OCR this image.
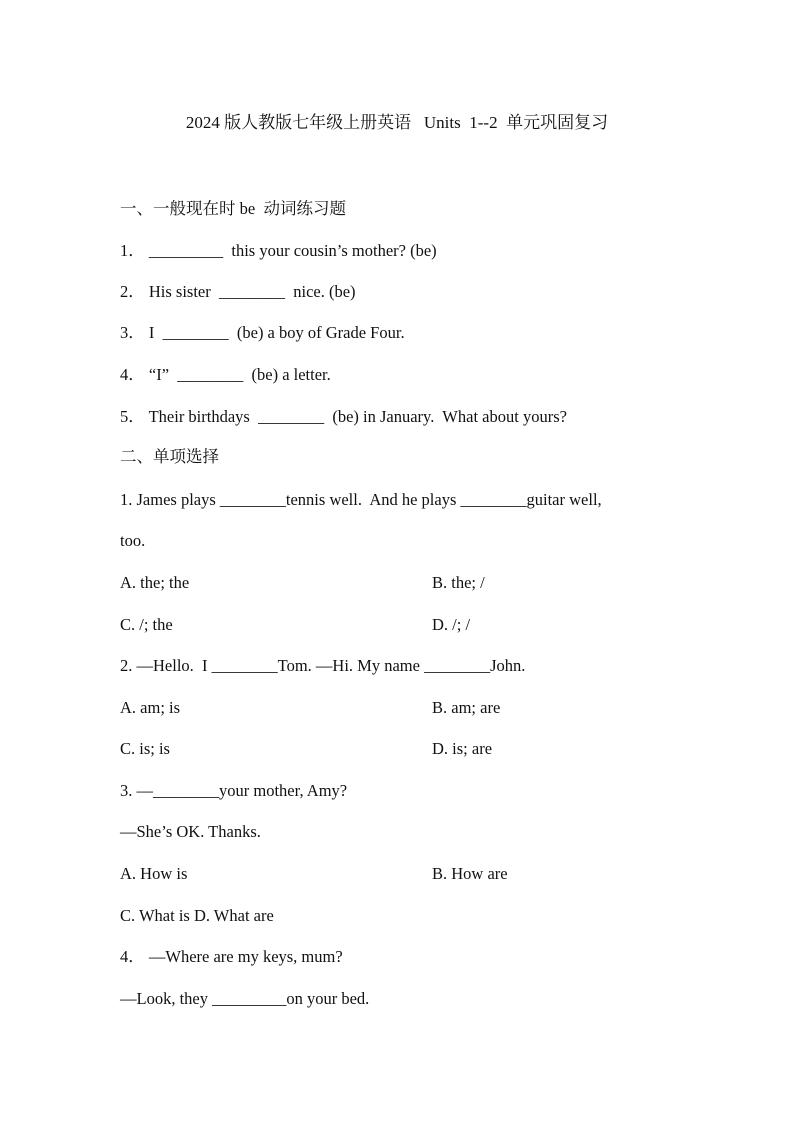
2024 版人教版七年级上册英语   Units  1--2  单元巩固复习
一、一般现在时 be  动词练习题
1． _________  this your cousin’s mother? (be)
2． His sister  ________  nice. (be)
3． I  ________  (be) a boy of Grade Four.
4． “I”  ________  (be) a letter.
5． Their birthdays  ________  (be) in January.  What about yours?
二、单项选择
1. James plays ________tennis well.  And he plays ________guitar well,
too.
A. the; the	B. the; /
C. /; the	D. /; /
2. —Hello.  I ________Tom. —Hi. My name ________John.
A. am; is	B. am; are
C. is; is	D. is; are
3. —________your mother, Amy?
—She’s OK. Thanks.
A. How is	B. How are
C. What is D. What are
4． —Where are my keys, mum?
—Look, they _________on your bed.
